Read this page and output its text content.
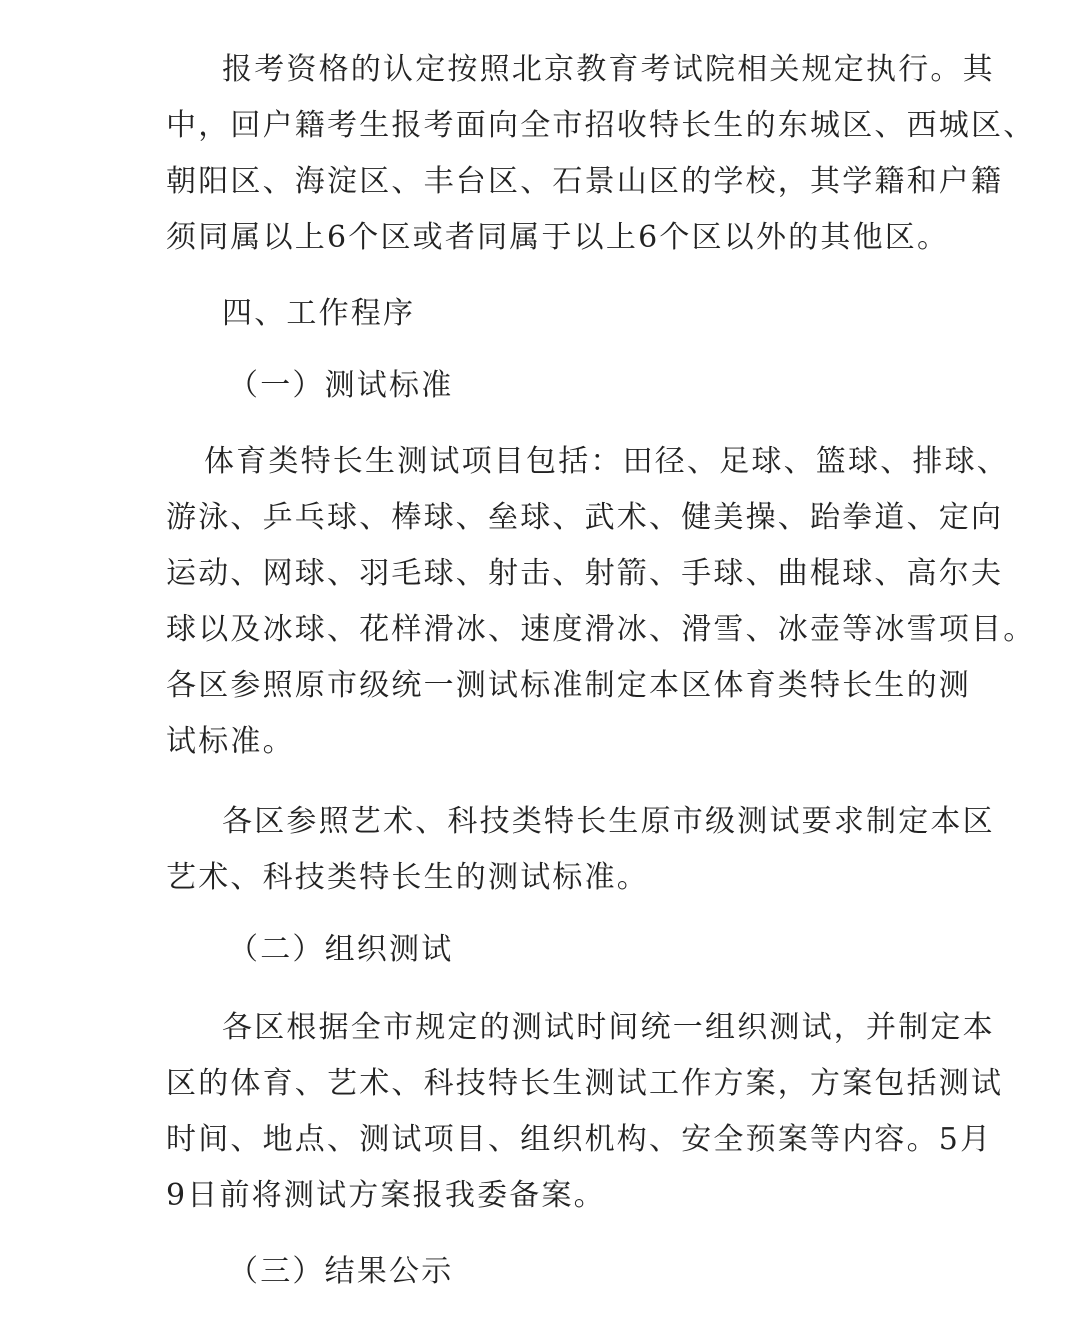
报考资格的认定按照北京教育考试院相关规定执行。其
中，回户籍考生报考面向全市招收特长生的东城区、西城区、
朝阳区、海淀区、丰台区、石景山区的学校，其学籍和户籍
须同属以上6个区或者同属于以上6个区以外的其他区。
四、工作程序
（一）测试标准
体育类特长生测试项目包括：田径、足球、篮球、排球、
游泳、乒乓球、棒球、垒球、武术、健美操、跆拳道、定向
运动、网球、羽毛球、射击、射箭、手球、曲棍球、高尔夫
球以及冰球、花样滑冰、速度滑冰、滑雪、冰壶等冰雪项目。
各区参照原市级统一测试标准制定本区体育类特长生的测
试标准。
各区参照艺术、科技类特长生原市级测试要求制定本区
艺术、科技类特长生的测试标准。
（二）组织测试
各区根据全市规定的测试时间统一组织测试，并制定本
区的体育、艺术、科技特长生测试工作方案，方案包括测试
时间、地点、测试项目、组织机构、安全预案等内容。5月
9日前将测试方案报我委备案。
（三）结果公示
